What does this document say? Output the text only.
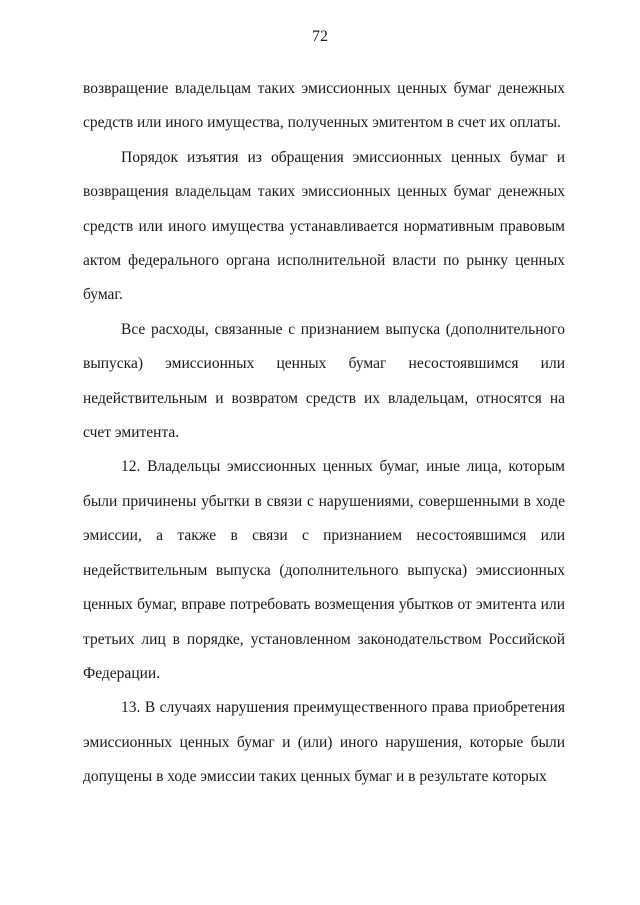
72

возвращение владельцам таких эмиссионных ценных бумаг денежных средств или иного имущества, полученных эмитентом в счет их оплаты.

Порядок изъятия из обращения эмиссионных ценных бумаг и возвращения владельцам таких эмиссионных ценных бумаг денежных средств или иного имущества устанавливается нормативным правовым актом федерального органа исполнительной власти по рынку ценных бумаг.

Все расходы, связанные с признанием выпуска (дополнительного выпуска) эмиссионных ценных бумаг несостоявшимся или недействительным и возвратом средств их владельцам, относятся на счет эмитента.

12. Владельцы эмиссионных ценных бумаг, иные лица, которым были причинены убытки в связи с нарушениями, совершенными в ходе эмиссии, а также в связи с признанием несостоявшимся или недействительным выпуска (дополнительного выпуска) эмиссионных ценных бумаг, вправе потребовать возмещения убытков от эмитента или третьих лиц в порядке, установленном законодательством Российской Федерации.

13. В случаях нарушения преимущественного права приобретения эмиссионных ценных бумаг и (или) иного нарушения, которые были допущены в ходе эмиссии таких ценных бумаг и в результате которых
